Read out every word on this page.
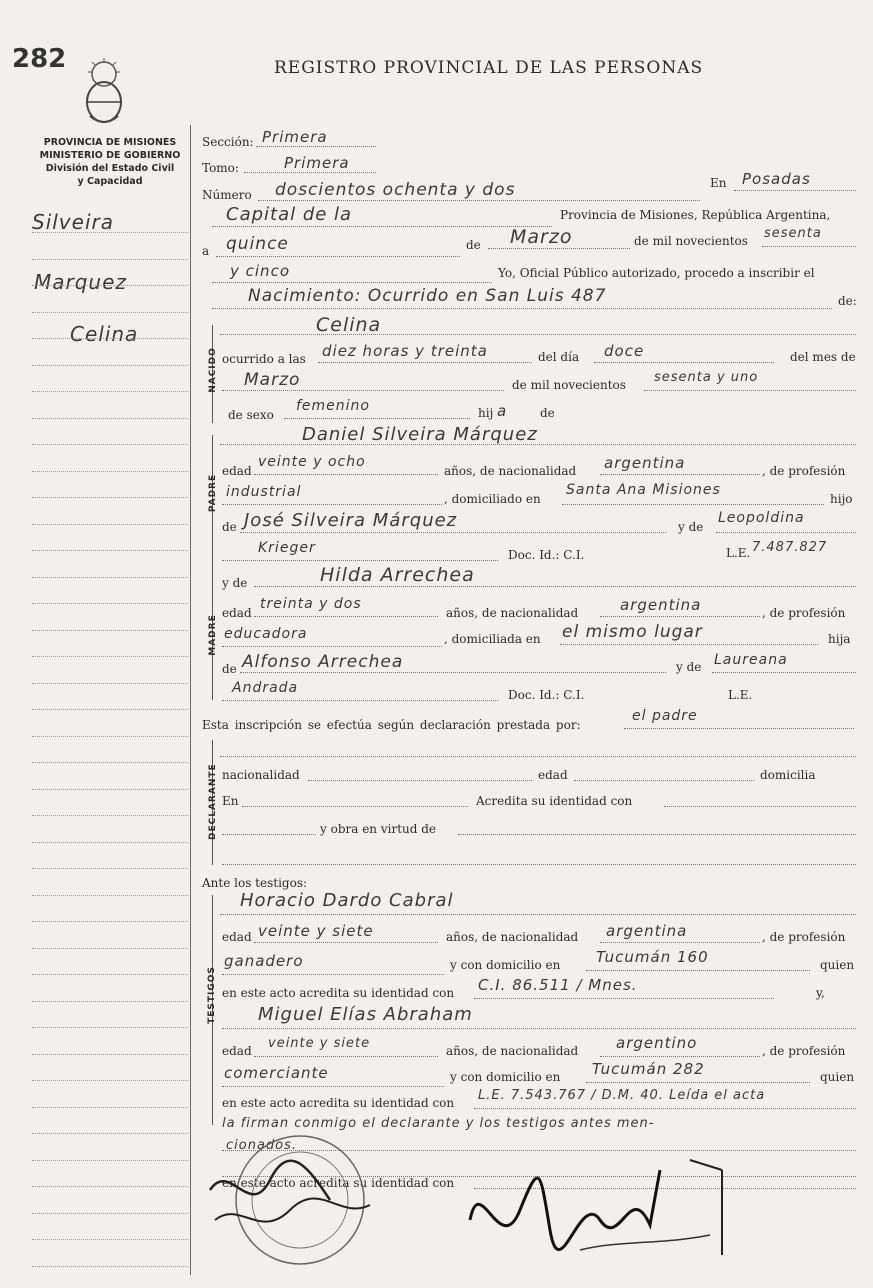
282	REGISTRO PROVINCIAL DE LAS PERSONAS
PROVINCIA DE MISIONES
MINISTERIO DE GOBIERNO
División del Estado Civil
y Capacidad
Silveira
Marquez
Celina
Sección: Primera
Tomo:	Primera
Número doscientos ochenta y dos	En Posadas
Capital de la	Provincia de Misiones, República Argentina,
a quince	de Marzo	de mil novecientos sesenta
y cinco	Yo, Oficial Público autorizado, procedo a inscribir el
Nacimiento: Ocurrido en San Luis 487	de:
NACIDO
Celina
ocurrido a las diez horas y treinta	del día doce	del mes de
Marzo	de mil novecientos sesenta y uno
de sexo
femenino	hij a	de
PADRE
Daniel Silveira Márquez
edad
veinte y ocho
años, de nacionalidad argentina	, de profesión
industrial	, domiciliado en
Santa Ana Misiones
hijo
de José Silveira Márquez	y de
Leopoldina
Krieger	Doc. Id.: C.I.	L.E. 7.487.827
MADRE
y de	Hilda Arrechea
edad
treinta y dos
años, de nacionalidad	argentina	, de profesión
educadora	, domiciliada en el mismo lugar	hija
de Alfonso Arrechea	y de Laureana
Andrada	Doc. Id.: C.I.	L.E.
Esta inscripción se efectúa según declaración prestada por:
el padre
DECLARANTE nacionalidad	edad	domicilia
En	Acredita su identidad con
y obra en virtud de
Ante los testigos:
TESTIGOS
Horacio Dardo Cabral
edad veinte y siete	años, de nacionalidad argentina	, de profesión
ganadero	y con domicilio en Tucumán 160	quien
en este acto acredita su identidad con C.I. 86.511 / Mnes.	y,
Miguel Elías Abraham
edad veinte y siete	años, de nacionalidad	argentino	, de profesión
comerciante	y con domicilio en Tucumán 282	quien
en este acto acredita su identidad con L.E. 7.543.767 / D.M. 40. Leída el acta
la firman conmigo el declarante y los testigos antes men-
cionados.
en este acto acredita su identidad con
